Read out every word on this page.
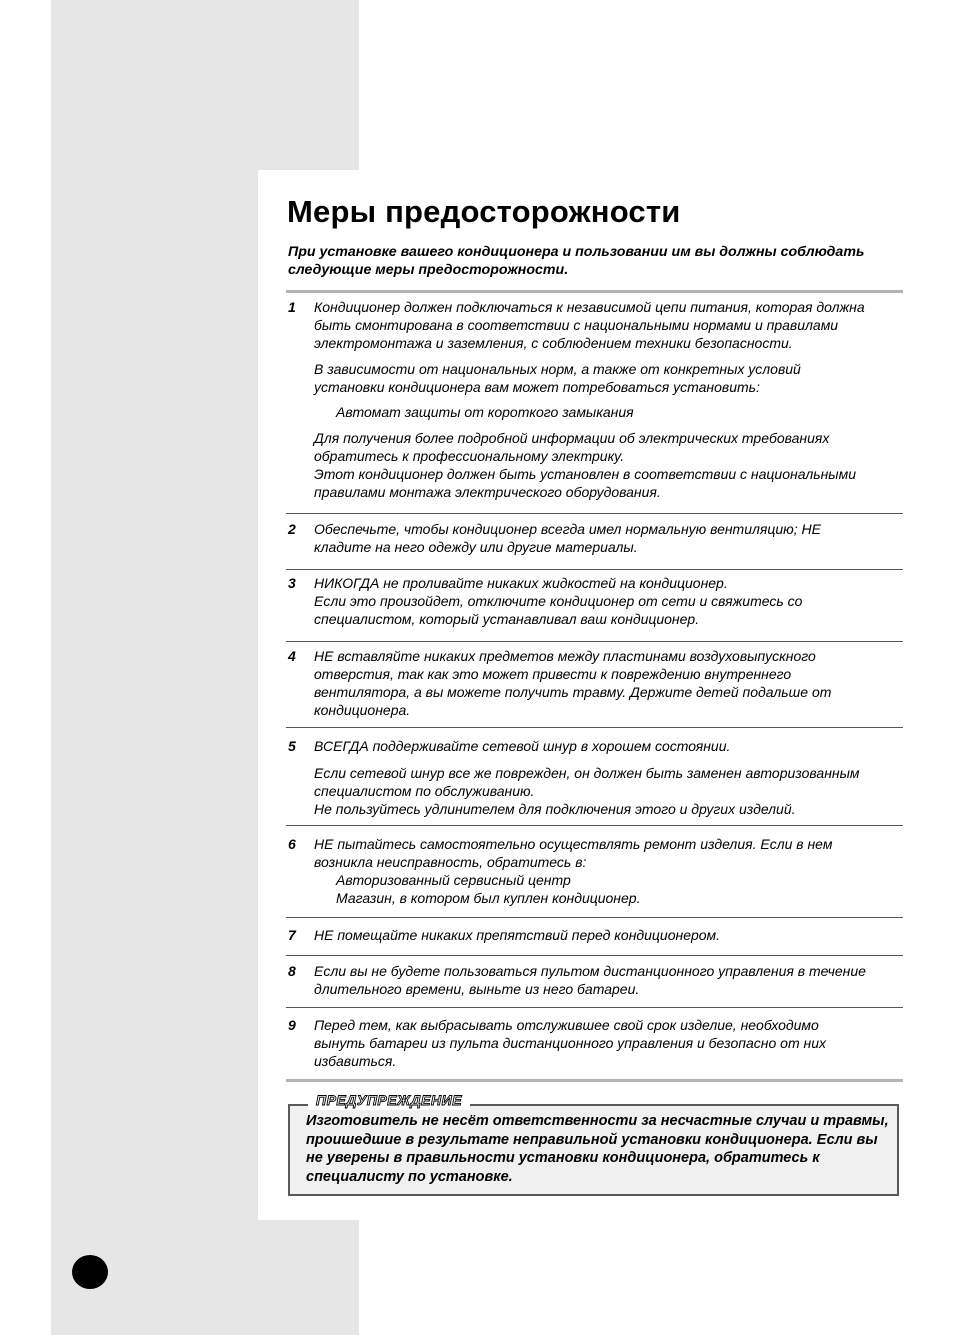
Меры предосторожности

При установке вашего кондиционера и пользовании им вы должны соблюдать следующие меры предосторожности.

1 Кондиционер должен подключаться к независимой цепи питания, которая должна
быть смонтирована в соответствии с национальными нормами и правилами
электромонтажа и заземления, с соблюдением техники безопасности.

В зависимости от национальных норм, а также от конкретных условий
установки кондиционера вам может потребоваться установить:

Автомат защиты от короткого замыкания

Для получения более подробной информации об электрических требованиях
обратитесь к профессиональному электрику.
Этот кондиционер должен быть установлен в соответствии с национальными
правилами монтажа электрического оборудования.

2 Обеспечьте, чтобы кондиционер всегда имел нормальную вентиляцию; НЕ
кладите на него одежду или другие материалы.

3 НИКОГДА не проливайте никаких жидкостей на кондиционер.
Если это произойдет, отключите кондиционер от сети и свяжитесь со
специалистом, который устанавливал ваш кондиционер.

4 НЕ вставляйте никаких предметов между пластинами воздуховыпускного
отверстия, так как это может привести к повреждению внутреннего
вентилятора, а вы можете получить травму. Держите детей подальше от
кондиционера.

5 ВСЕГДА поддерживайте сетевой шнур в хорошем состоянии.

Если сетевой шнур все же поврежден, он должен быть заменен авторизованным
специалистом по обслуживанию.
Не пользуйтесь удлинителем для подключения этого и других изделий.

6 НЕ пытайтесь самостоятельно осуществлять ремонт изделия. Если в нем
возникла неисправность, обратитесь в:

Авторизованный сервисный центр
Магазин, в котором был куплен кондиционер.

7 НЕ помещайте никаких препятствий перед кондиционером.

8 Если вы не будете пользоваться пультом дистанционного управления в течение
длительного времени, выньте из него батареи.

9 Перед тем, как выбрасывать отслужившее свой срок изделие, необходимо
вынуть батареи из пульта дистанционного управления и безопасно от них
избавиться.

ПРЕДУПРЕЖДЕНИЕ

Изготовитель не несёт ответственности за несчастные случаи и травмы, проишедшие в результате неправильной установки кондиционера. Если вы не уверены в правильности установки кондиционера, обратитесь к специалисту по установке.
